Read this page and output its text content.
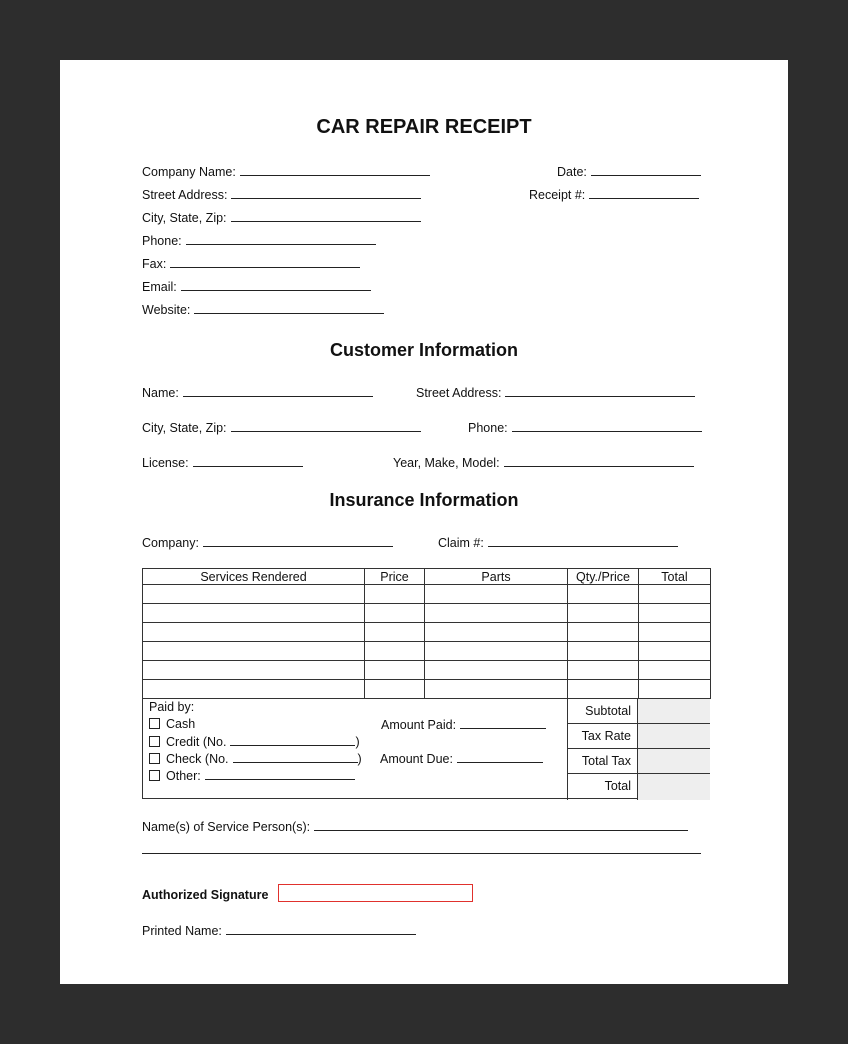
CAR REPAIR RECEIPT
Company Name:
Street Address:
City, State, Zip:
Phone:
Fax:
Email:
Website:
Date:
Receipt #:
Customer Information
Name:	Street Address:
City, State, Zip:	Phone:
License:	Year, Make, Model:
Insurance Information
Company:	Claim #:
Services Rendered	Price	Parts	Qty./Price	Total

Paid by:
Cash
Credit (No.	)
Check (No.	)
Other:
Amount Paid:
Amount Due:
Subtotal
Tax Rate
Total Tax
Total
Name(s) of Service Person(s):
Authorized Signature
Printed Name:
